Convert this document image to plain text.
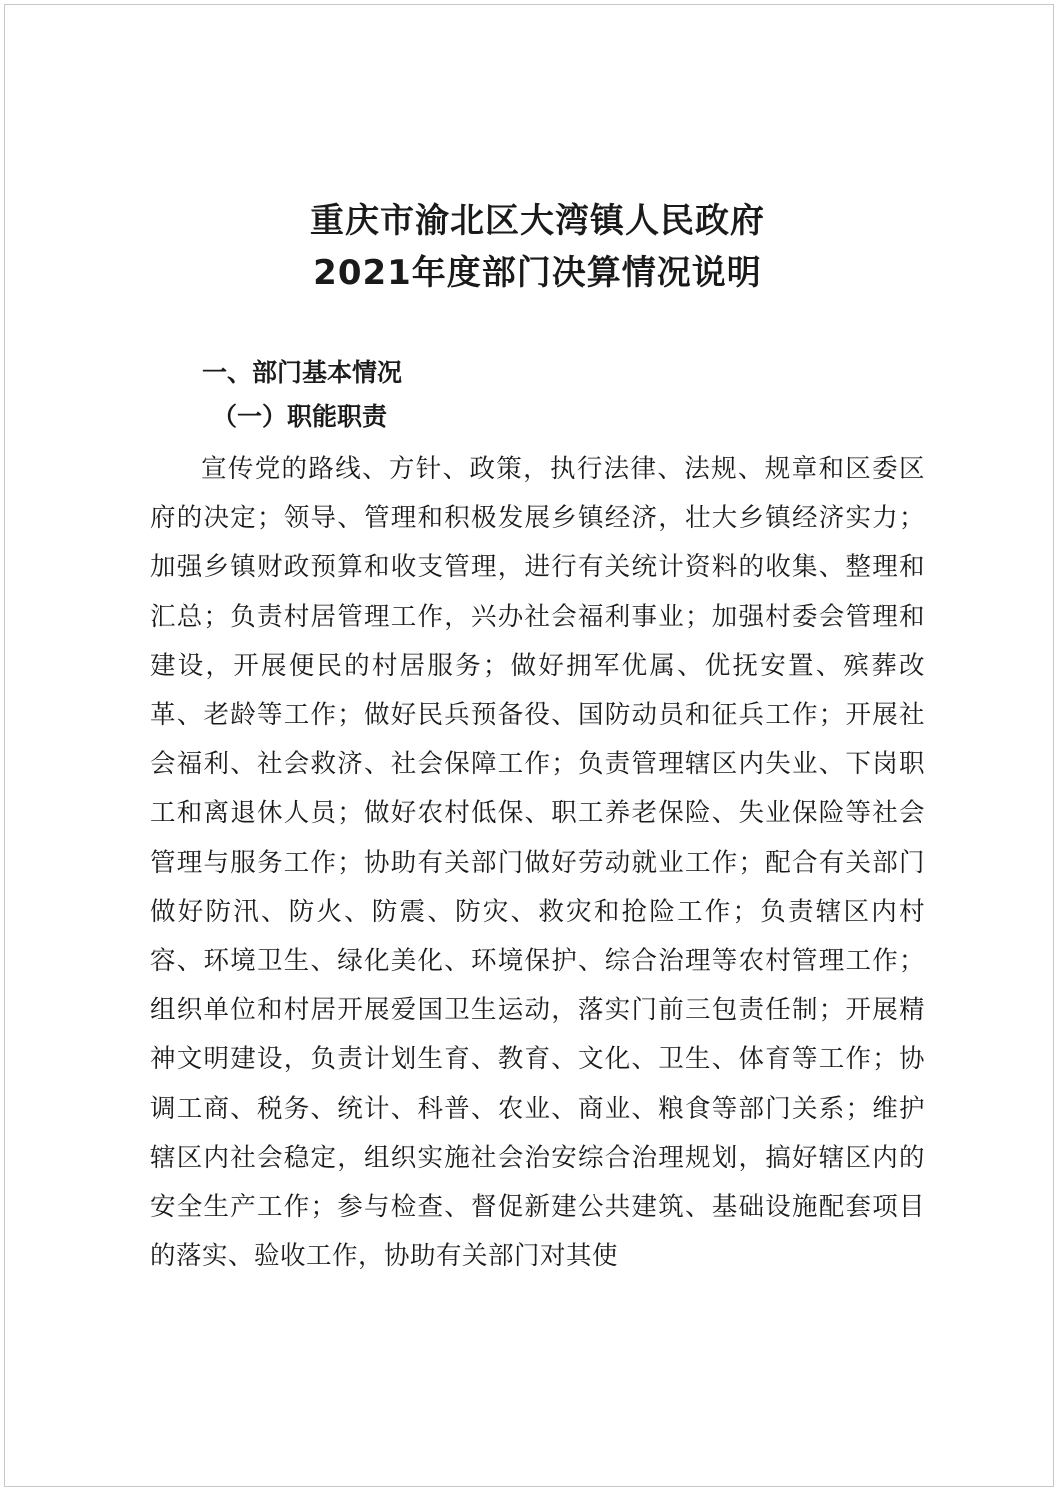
重庆市渝北区大湾镇人民政府
2021年度部门决算情况说明
一、部门基本情况
（一）职能职责

宣传党的路线、方针、政策，执行法律、法规、规章和区委区府的决定；领导、管理和积极发展乡镇经济，壮大乡镇经济实力；加强乡镇财政预算和收支管理，进行有关统计资料的收集、整理和汇总；负责村居管理工作，兴办社会福利事业；加强村委会管理和建设，开展便民的村居服务；做好拥军优属、优抚安置、殡葬改革、老龄等工作；做好民兵预备役、国防动员和征兵工作；开展社会福利、社会救济、社会保障工作；负责管理辖区内失业、下岗职工和离退休人员；做好农村低保、职工养老保险、失业保险等社会管理与服务工作；协助有关部门做好劳动就业工作；配合有关部门做好防汛、防火、防震、防灾、救灾和抢险工作；负责辖区内村容、环境卫生、绿化美化、环境保护、综合治理等农村管理工作；组织单位和村居开展爱国卫生运动，落实门前三包责任制；开展精神文明建设，负责计划生育、教育、文化、卫生、体育等工作；协调工商、税务、统计、科普、农业、商业、粮食等部门关系；维护辖区内社会稳定，组织实施社会治安综合治理规划，搞好辖区内的安全生产工作；参与检查、督促新建公共建筑、基础设施配套项目的落实、验收工作，协助有关部门对其使
